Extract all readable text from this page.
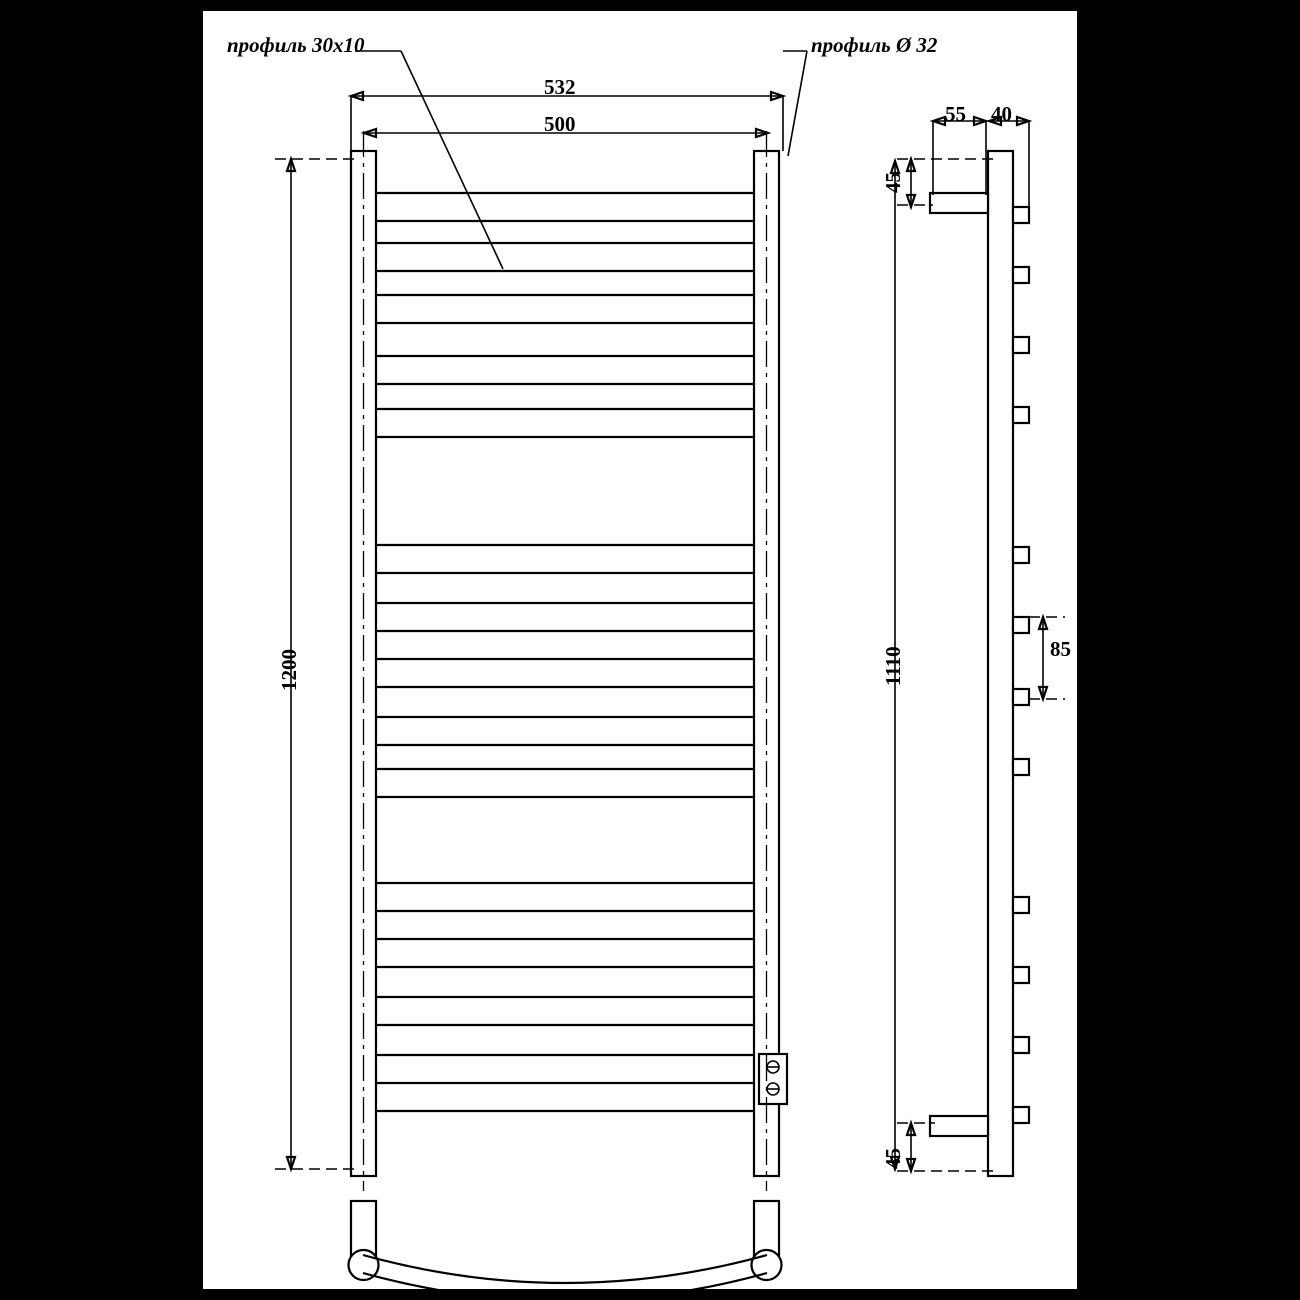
профиль 30x10	профиль Ø 32
532
500
1200	1110
45
45
55 40
85
